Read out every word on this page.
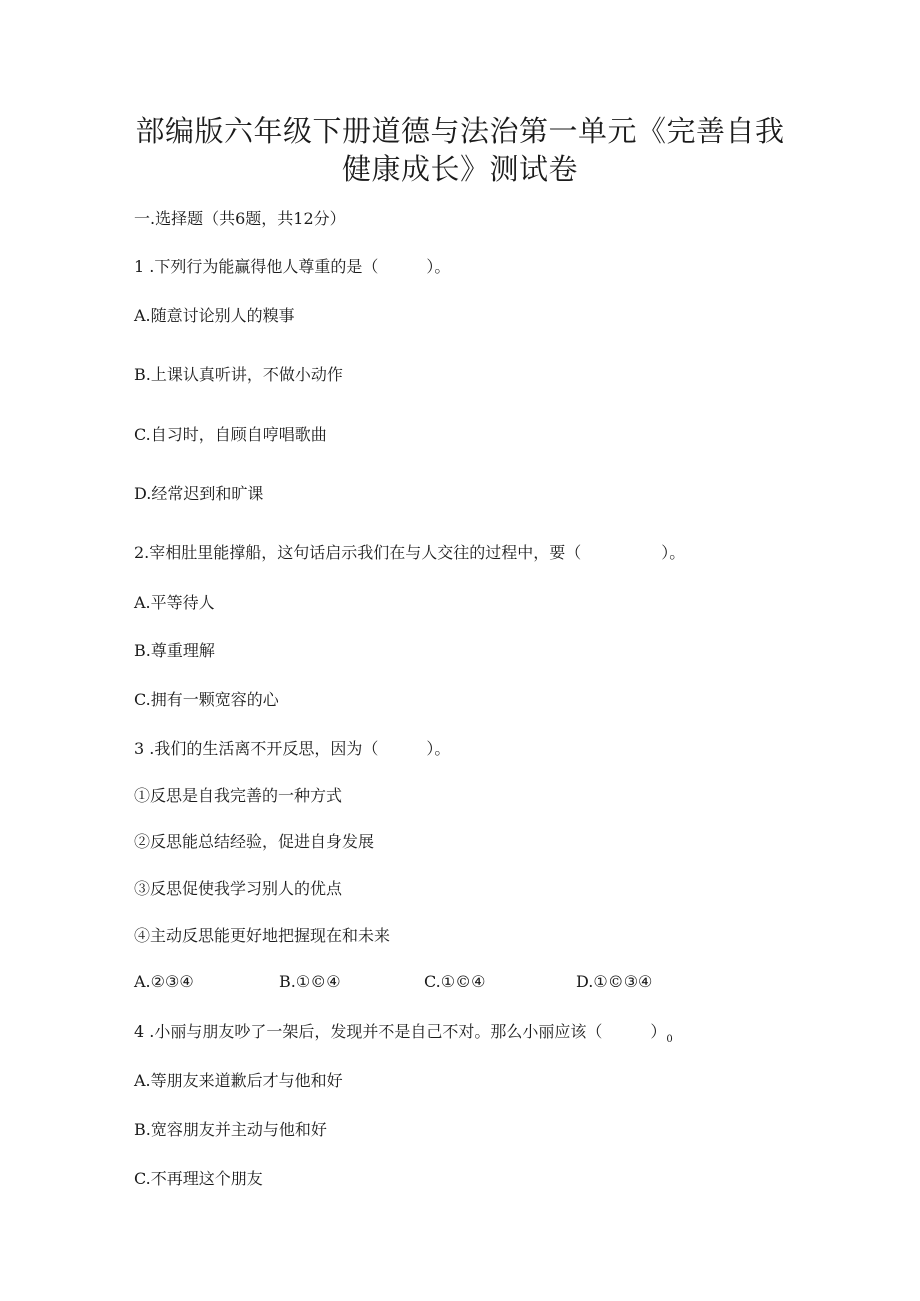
部编版六年级下册道德与法治第一单元《完善自我
健康成长》测试卷
一.选择题（共6题，共12分）
1 .下列行为能赢得他人尊重的是（　　　）。
A.随意讨论别人的糗事
B.上课认真听讲，不做小动作
C.自习时，自顾自哼唱歌曲
D.经常迟到和旷课
2.宰相肚里能撑船，这句话启示我们在与人交往的过程中，要（　　　　　）。
A.平等待人
B.尊重理解
C.拥有一颗宽容的心
3 .我们的生活离不开反思，因为（　　　）。
①反思是自我完善的一种方式
②反思能总结经验，促进自身发展
③反思促使我学习别人的优点
④主动反思能更好地把握现在和未来
A.②③④	B.①©④	C.①©④	D.①©③④
4 .小丽与朋友吵了一架后，发现并不是自己不对。那么小丽应该（　　　）$_0$
A.等朋友来道歉后才与他和好
B.宽容朋友并主动与他和好
C.不再理这个朋友
